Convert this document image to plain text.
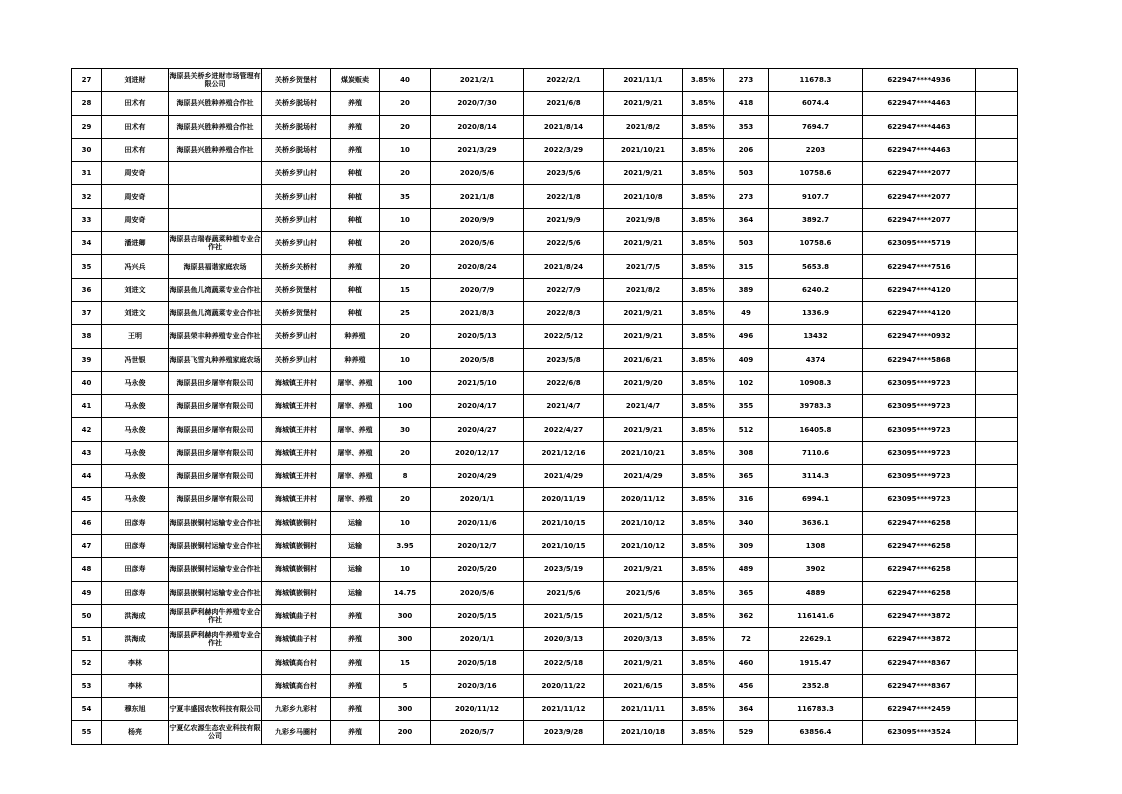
27	刘进财	海原县关桥乡进财市场管理有限公司	关桥乡贺堡村	煤炭贩卖	40	2021/2/1	2022/2/1	2021/11/1	3.85%	273	11678.3	622947****4936	
28	田术有	海原县兴胜种养殖合作社	关桥乡脱场村	养殖	20	2020/7/30	2021/6/8	2021/9/21	3.85%	418	6074.4	622947****4463	
29	田术有	海原县兴胜种养殖合作社	关桥乡脱场村	养殖	20	2020/8/14	2021/8/14	2021/8/2	3.85%	353	7694.7	622947****4463	
30	田术有	海原县兴胜种养殖合作社	关桥乡脱场村	养殖	10	2021/3/29	2022/3/29	2021/10/21	3.85%	206	2203	622947****4463	
31	周安奇		关桥乡罗山村	种植	20	2020/5/6	2023/5/6	2021/9/21	3.85%	503	10758.6	622947****2077	
32	周安奇		关桥乡罗山村	种植	35	2021/1/8	2022/1/8	2021/10/8	3.85%	273	9107.7	622947****2077	
33	周安奇		关桥乡罗山村	种植	10	2020/9/9	2021/9/9	2021/9/8	3.85%	364	3892.7	622947****2077	
34	潘进卿	海原县吉瑞春蔬菜种植专业合作社	关桥乡罗山村	种植	20	2020/5/6	2022/5/6	2021/9/21	3.85%	503	10758.6	623095****5719	
35	冯兴兵	海原县福谐家庭农场	关桥乡关桥村	养殖	20	2020/8/24	2021/8/24	2021/7/5	3.85%	315	5653.8	622947****7516	
36	刘进文	海原县鱼儿湾蔬菜专业合作社	关桥乡贺堡村	种植	15	2020/7/9	2022/7/9	2021/8/2	3.85%	389	6240.2	622947****4120	
37	刘进文	海原县鱼儿湾蔬菜专业合作社	关桥乡贺堡村	种植	25	2021/8/3	2022/8/3	2021/9/21	3.85%	49	1336.9	622947****4120	
38	王明	海原县荣丰种养殖专业合作社	关桥乡罗山村	种养殖	20	2020/5/13	2022/5/12	2021/9/21	3.85%	496	13432	622947****0932	
39	冯世银	海原县飞雪丸种养殖家庭农场	关桥乡罗山村	种养殖	10	2020/5/8	2023/5/8	2021/6/21	3.85%	409	4374	622947****5868	
40	马永俊	海原县田乡屠宰有限公司	海城镇王井村	屠宰、养殖	100	2021/5/10	2022/6/8	2021/9/20	3.85%	102	10908.3	623095****9723	
41	马永俊	海原县田乡屠宰有限公司	海城镇王井村	屠宰、养殖	100	2020/4/17	2021/4/7	2021/4/7	3.85%	355	39783.3	623095****9723	
42	马永俊	海原县田乡屠宰有限公司	海城镇王井村	屠宰、养殖	30	2020/4/27	2022/4/27	2021/9/21	3.85%	512	16405.8	623095****9723	
43	马永俊	海原县田乡屠宰有限公司	海城镇王井村	屠宰、养殖	20	2020/12/17	2021/12/16	2021/10/21	3.85%	308	7110.6	623095****9723	
44	马永俊	海原县田乡屠宰有限公司	海城镇王井村	屠宰、养殖	8	2020/4/29	2021/4/29	2021/4/29	3.85%	365	3114.3	623095****9723	
45	马永俊	海原县田乡屠宰有限公司	海城镇王井村	屠宰、养殖	20	2020/1/1	2020/11/19	2020/11/12	3.85%	316	6994.1	623095****9723	
46	田彦寿	海原县嵌铜村运输专业合作社	海城镇嵌铜村	运输	10	2020/11/6	2021/10/15	2021/10/12	3.85%	340	3636.1	622947****6258	
47	田彦寿	海原县嵌铜村运输专业合作社	海城镇嵌铜村	运输	3.95	2020/12/7	2021/10/15	2021/10/12	3.85%	309	1308	622947****6258	
48	田彦寿	海原县嵌铜村运输专业合作社	海城镇嵌铜村	运输	10	2020/5/20	2023/5/19	2021/9/21	3.85%	489	3902	622947****6258	
49	田彦寿	海原县嵌铜村运输专业合作社	海城镇嵌铜村	运输	14.75	2020/5/6	2021/5/6	2021/5/6	3.85%	365	4889	622947****6258	
50	洪海成	海原县萨利赫肉牛养殖专业合作社	海城镇曲子村	养殖	300	2020/5/15	2021/5/15	2021/5/12	3.85%	362	116141.6	622947****3872	
51	洪海成	海原县萨利赫肉牛养殖专业合作社	海城镇曲子村	养殖	300	2020/1/1	2020/3/13	2020/3/13	3.85%	72	22629.1	622947****3872	
52	李林		海城镇高台村	养殖	15	2020/5/18	2022/5/18	2021/9/21	3.85%	460	1915.47	622947****8367	
53	李林		海城镇高台村	养殖	5	2020/3/16	2020/11/22	2021/6/15	3.85%	456	2352.8	622947****8367	
54	穆东旭	宁夏丰盛园农牧科技有限公司	九彩乡九彩村	养殖	300	2020/11/12	2021/11/12	2021/11/11	3.85%	364	116783.3	622947****2459	
55	杨亮	宁夏亿农源生态农业科技有限公司	九彩乡马圈村	养殖	200	2020/5/7	2023/9/28	2021/10/18	3.85%	529	63856.4	623095****3524	
